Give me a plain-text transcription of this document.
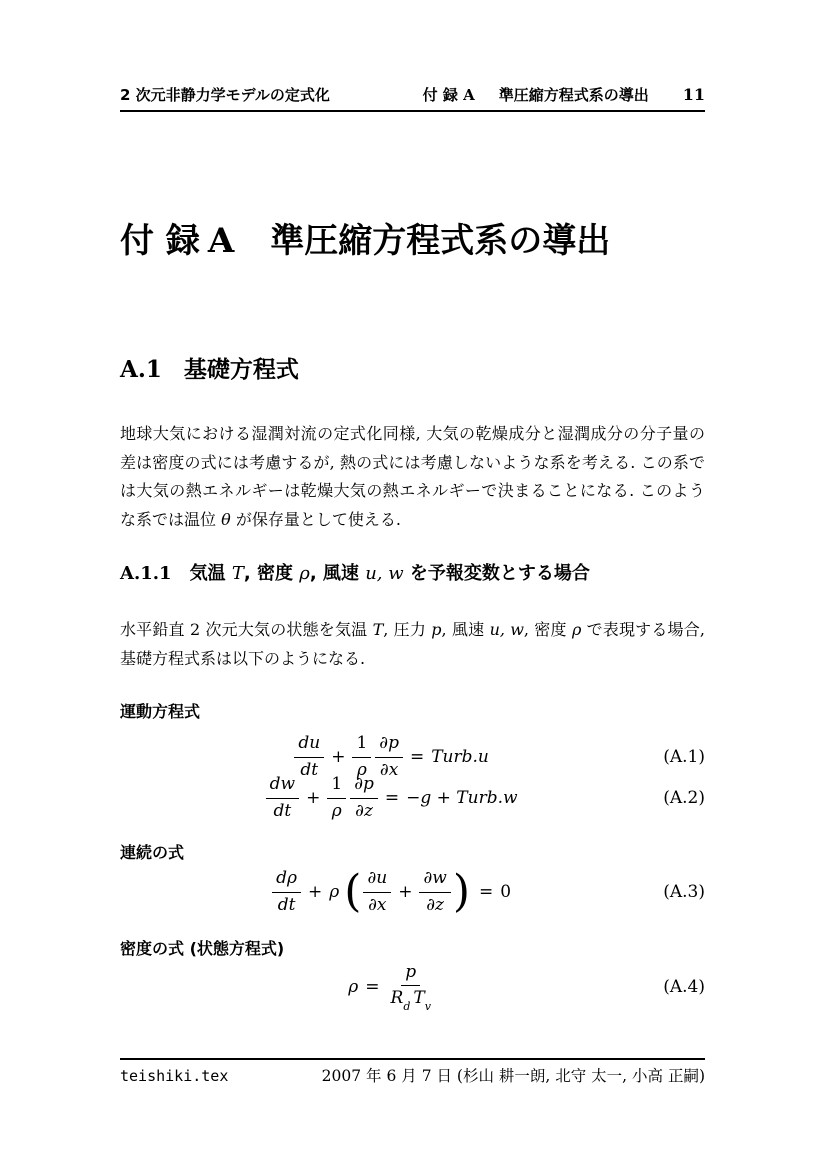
2 次元非静力学モデルの定式化	付 録 A 準圧縮方程式系の導出 11
付 録 A 準圧縮方程式系の導出
A.1 基礎方程式
地球大気における湿潤対流の定式化同様, 大気の乾燥成分と湿潤成分の分子量の差は密度の式には考慮するが, 熱の式には考慮しないような系を考える. この系では大気の熱エネルギーは乾燥大気の熱エネルギーで決まることになる. このような系では温位 θ が保存量として使える.
A.1.1 気温 T, 密度 ρ, 風速 u, w を予報変数とする場合
水平鉛直 2 次元大気の状態を気温 T, 圧力 p, 風速 u, w, 密度 ρ で表現する場合, 基礎方程式系は以下のようになる.
運動方程式
$\frac{du}{dt} + \frac{1}{\rho} \frac{\partial p}{\partial x}$ = Turb.u	(A.1)
$\frac{dw}{dt} + \frac{1}{\rho} \frac{\partial p}{\partial z} = -g$ + Turb.w	(A.2)
連続の式
$\frac{d\rho}{dt} + \rho$ ( $\frac{\partial u}{\partial x} + \frac{\partial w}{\partial z}$ ) = 0	(A.3)
密度の式 (状態方程式)
$\rho = \frac{p}{R_d T_v}$	(A.4)
teishiki.tex	2007 年 6 月 7 日 (杉山 耕一朗, 北守 太一, 小高 正嗣)
